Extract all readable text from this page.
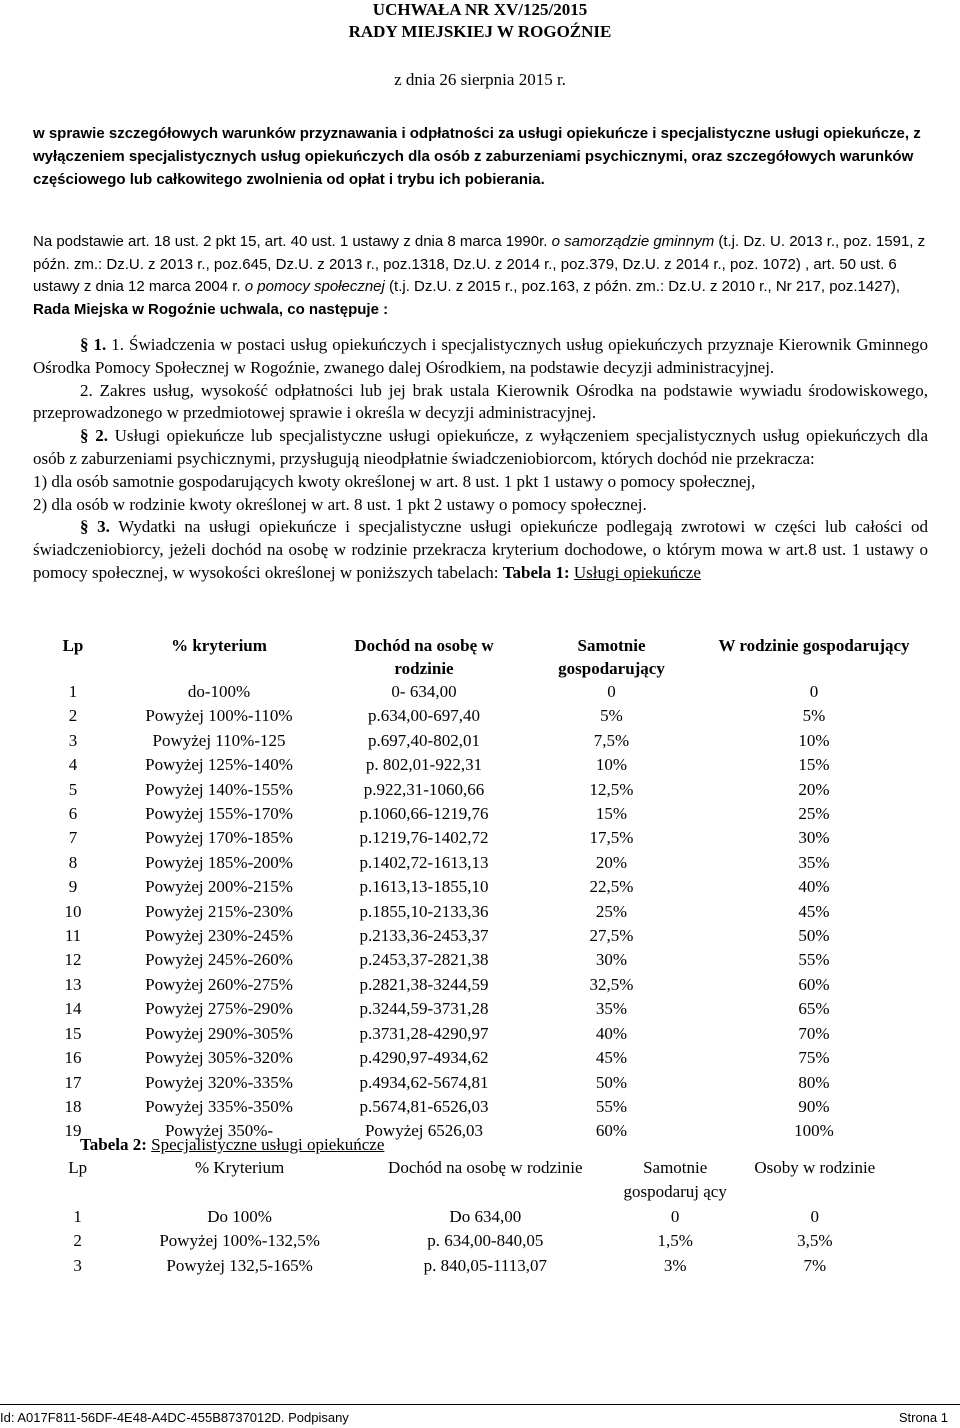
UCHWAŁA NR XV/125/2015
RADY MIEJSKIEJ W ROGOŹNIE
z dnia 26 sierpnia 2015 r.
w sprawie szczegółowych warunków przyznawania i odpłatności za usługi opiekuńcze i specjalistyczne usługi opiekuńcze, z wyłączeniem specjalistycznych usług opiekuńczych dla osób z zaburzeniami psychicznymi, oraz szczegółowych warunków częściowego lub całkowitego zwolnienia od opłat i trybu ich pobierania.
Na podstawie art. 18 ust. 2 pkt 15, art. 40 ust. 1 ustawy z dnia 8 marca 1990r. o samorządzie gminnym (t.j. Dz. U. 2013 r., poz. 1591, z późn. zm.: Dz.U. z 2013 r., poz.645, Dz.U. z 2013 r., poz.1318, Dz.U. z 2014 r., poz.379, Dz.U. z 2014 r., poz. 1072) , art. 50 ust. 6 ustawy z dnia 12 marca 2004 r. o pomocy społecznej (t.j. Dz.U. z 2015 r., poz.163, z późn. zm.: Dz.U. z 2010 r., Nr 217, poz.1427), Rada Miejska w Rogoźnie uchwala, co następuje :

§ 1. 1. Świadczenia w postaci usług opiekuńczych i specjalistycznych usług opiekuńczych przyznaje Kierownik Gminnego Ośrodka Pomocy Społecznej w Rogoźnie, zwanego dalej Ośrodkiem, na podstawie decyzji administracyjnej.

2. Zakres usług, wysokość odpłatności lub jej brak ustala Kierownik Ośrodka na podstawie wywiadu środowiskowego, przeprowadzonego w przedmiotowej sprawie i określa w decyzji administracyjnej.

§ 2. Usługi opiekuńcze lub specjalistyczne usługi opiekuńcze, z wyłączeniem specjalistycznych usług opiekuńczych dla osób z zaburzeniami psychicznymi, przysługują nieodpłatnie świadczeniobiorcom, których dochód nie przekracza:

1) dla osób samotnie gospodarujących kwoty określonej w art. 8 ust. 1 pkt 1 ustawy o pomocy społecznej,

2) dla osób w rodzinie kwoty określonej w art. 8 ust. 1 pkt 2 ustawy o pomocy społecznej.

§ 3. Wydatki na usługi opiekuńcze i specjalistyczne usługi opiekuńcze podlegają zwrotowi w części lub całości od świadczeniobiorcy, jeżeli dochód na osobę w rodzinie przekracza kryterium dochodowe, o którym mowa w art.8 ust. 1 ustawy o pomocy społecznej, w wysokości określonej w poniższych tabelach: Tabela 1: Usługi opiekuńcze

Lp	% kryterium	Dochód na osobę w rodzinie	Samotnie gospodarujący	W rodzinie gospodarujący
1	do-100%	0- 634,00	0	0
2	Powyżej 100%-110%	p.634,00-697,40	5%	5%
3	Powyżej 110%-125	p.697,40-802,01	7,5%	10%
4	Powyżej 125%-140%	p. 802,01-922,31	10%	15%
5	Powyżej 140%-155%	p.922,31-1060,66	12,5%	20%
6	Powyżej 155%-170%	p.1060,66-1219,76	15%	25%
7	Powyżej 170%-185%	p.1219,76-1402,72	17,5%	30%
8	Powyżej 185%-200%	p.1402,72-1613,13	20%	35%
9	Powyżej 200%-215%	p.1613,13-1855,10	22,5%	40%
10	Powyżej 215%-230%	p.1855,10-2133,36	25%	45%
11	Powyżej 230%-245%	p.2133,36-2453,37	27,5%	50%
12	Powyżej 245%-260%	p.2453,37-2821,38	30%	55%
13	Powyżej 260%-275%	p.2821,38-3244,59	32,5%	60%
14	Powyżej 275%-290%	p.3244,59-3731,28	35%	65%
15	Powyżej 290%-305%	p.3731,28-4290,97	40%	70%
16	Powyżej 305%-320%	p.4290,97-4934,62	45%	75%
17	Powyżej 320%-335%	p.4934,62-5674,81	50%	80%
18	Powyżej 335%-350%	p.5674,81-6526,03	55%	90%
19	Powyżej 350%-	Powyżej 6526,03	60%	100%
Tabela 2: Specjalistyczne usługi opiekuńcze
Lp	% Kryterium	Dochód na osobę w rodzinie	Samotnie gospodaruj ący	Osoby w rodzinie
1	Do 100%	Do 634,00	0	0
2	Powyżej 100%-132,5%	p. 634,00-840,05	1,5%	3,5%
3	Powyżej 132,5-165%	p. 840,05-1113,07	3%	7%
Id: A017F811-56DF-4E48-A4DC-455B8737012D. Podpisany	Strona 1
